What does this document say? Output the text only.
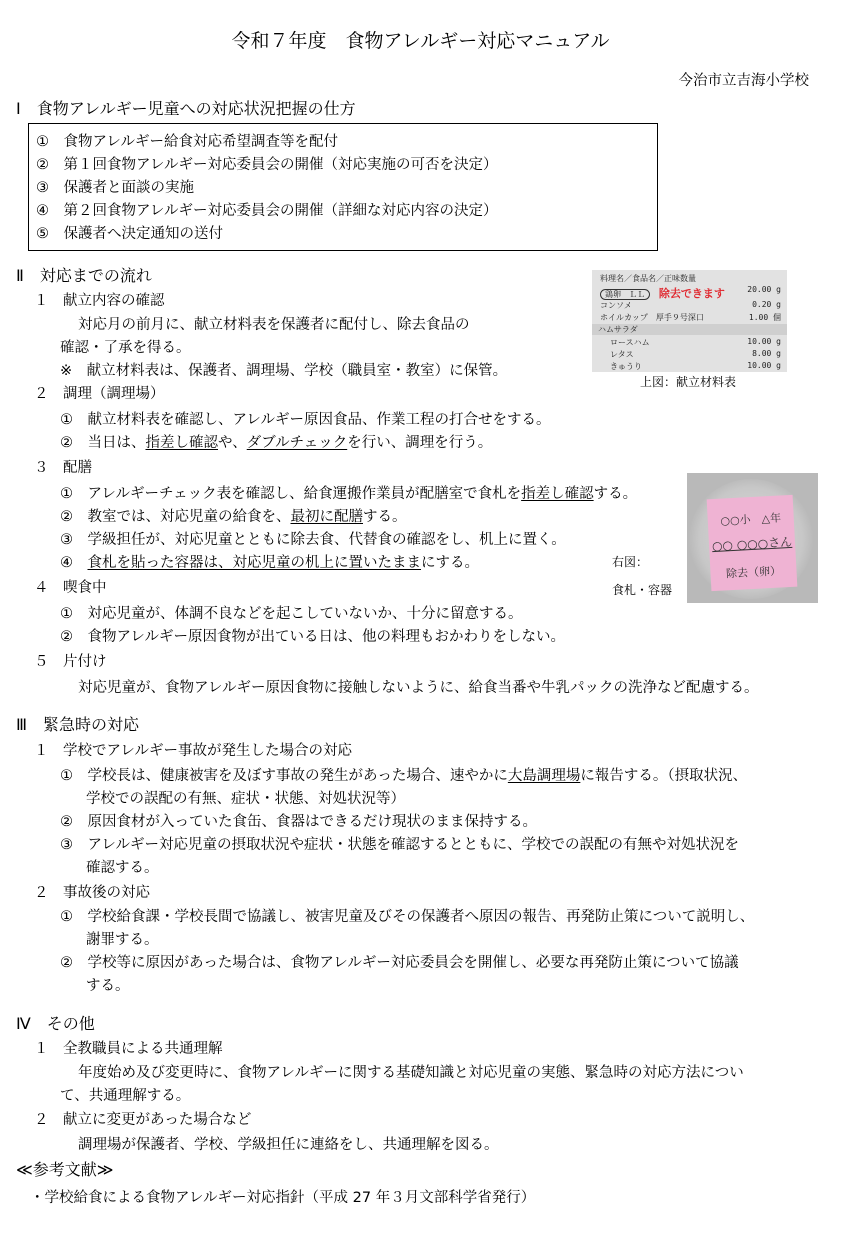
令和７年度　食物アレルギー対応マニュアル
今治市立吉海小学校
Ⅰ　食物アレルギー児童への対応状況把握の仕方
①　食物アレルギー給食対応希望調査等を配付
②　第１回食物アレルギー対応委員会の開催（対応実施の可否を決定）
③　保護者と面談の実施
④　第２回食物アレルギー対応委員会の開催（詳細な対応内容の決定）
⑤　保護者へ決定通知の送付
Ⅱ　対応までの流れ
１　献立内容の確認
対応月の前月に、献立材料表を保護者に配付し、除去食品の
確認・了承を得る。
※　献立材料表は、保護者、調理場、学校（職員室・教室）に保管。
料理名／食品名／正味数量
鶏卵　ＬＬ 除去できます	20.00 g
コンソメ	0.20 g
ホイルカップ　厚手９号深口	1.00 個
ハムサラダ
ロースハム	10.00 g
レタス	8.00 g
きゅうり	10.00 g
上図：献立材料表
２　調理（調理場）
①　献立材料表を確認し、アレルギー原因食品、作業工程の打合せをする。
②　当日は、指差し確認や、ダブルチェックを行い、調理を行う。
３　配膳
①　アレルギーチェック表を確認し、給食運搬作業員が配膳室で食札を指差し確認する。
②　教室では、対応児童の給食を、最初に配膳する。
③　学級担任が、対応児童とともに除去食、代替食の確認をし、机上に置く。
④　食札を貼った容器は、対応児童の机上に置いたままにする。
○○小　△年
○○ ○○○さん
除去（卵）
右図：
食札・容器
４　喫食中
①　対応児童が、体調不良などを起こしていないか、十分に留意する。
②　食物アレルギー原因食物が出ている日は、他の料理もおかわりをしない。
５　片付け
対応児童が、食物アレルギー原因食物に接触しないように、給食当番や牛乳パックの洗浄など配慮する。
Ⅲ　緊急時の対応
１　学校でアレルギー事故が発生した場合の対応
①　学校長は、健康被害を及ぼす事故の発生があった場合、速やかに大島調理場に報告する。（摂取状況、
学校での誤配の有無、症状・状態、対処状況等）
②　原因食材が入っていた食缶、食器はできるだけ現状のまま保持する。
③　アレルギー対応児童の摂取状況や症状・状態を確認するとともに、学校での誤配の有無や対処状況を
確認する。
２　事故後の対応
①　学校給食課・学校長間で協議し、被害児童及びその保護者へ原因の報告、再発防止策について説明し、
謝罪する。
②　学校等に原因があった場合は、食物アレルギー対応委員会を開催し、必要な再発防止策について協議
する。
Ⅳ　その他
１　全教職員による共通理解
年度始め及び変更時に、食物アレルギーに関する基礎知識と対応児童の実態、緊急時の対応方法につい
て、共通理解する。
２　献立に変更があった場合など
調理場が保護者、学校、学級担任に連絡をし、共通理解を図る。
≪参考文献≫
・学校給食による食物アレルギー対応指針（平成 27 年３月文部科学省発行）
